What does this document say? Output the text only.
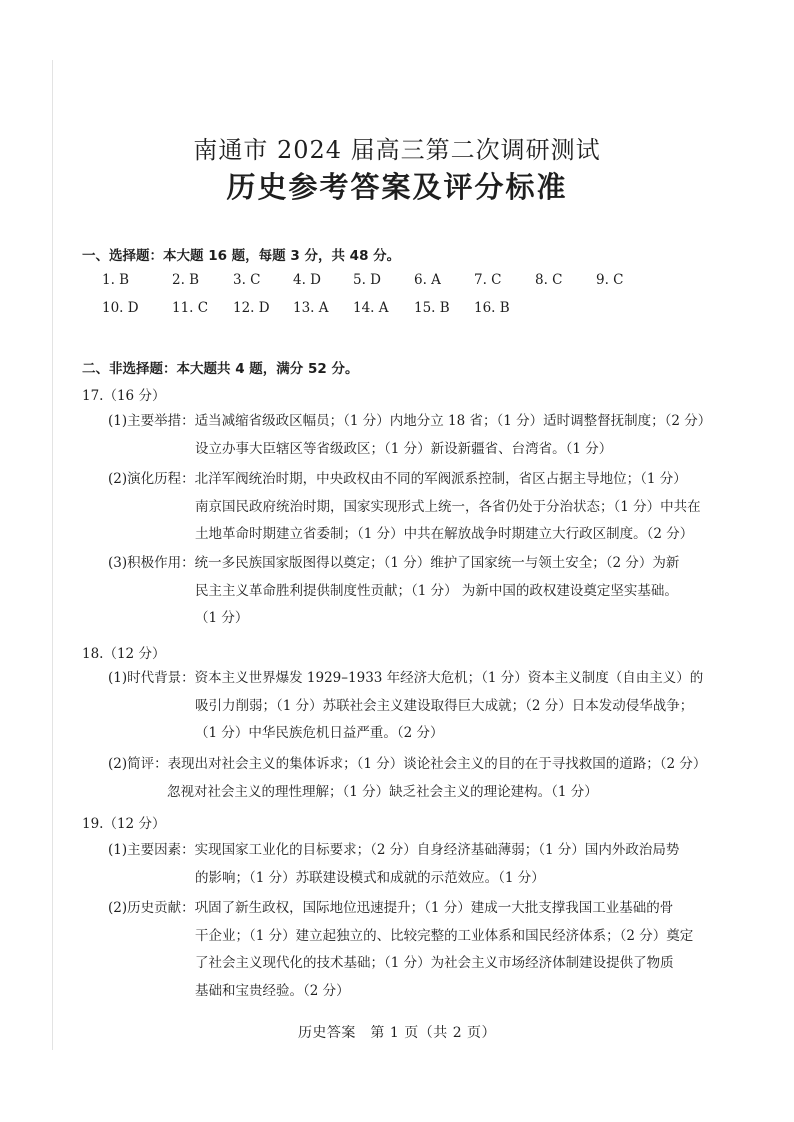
南通市 2024 届高三第二次调研测试
历史参考答案及评分标准
一、选择题：本大题 16 题，每题 3 分，共 48 分。
1. B	2. B	3. C 4. D 5. D 6. A 7. C 8. C 9. C
10. D 11. C 12. D 13. A 14. A 15. B 16. B
二、非选择题：本大题共 4 题，满分 52 分。
17.（16 分）
(1)主要举措：适当减缩省级政区幅员；（1 分）内地分立 18 省；（1 分）适时调整督抚制度；（2 分）
设立办事大臣辖区等省级政区；（1 分）新设新疆省、台湾省。（1 分）
(2)演化历程：北洋军阀统治时期，中央政权由不同的军阀派系控制，省区占据主导地位；（1 分）
南京国民政府统治时期，国家实现形式上统一，各省仍处于分治状态；（1 分）中共在
土地革命时期建立省委制；（1 分）中共在解放战争时期建立大行政区制度。（2 分）
(3)积极作用：统一多民族国家版图得以奠定；（1 分）维护了国家统一与领土安全；（2 分）为新
民主主义革命胜利提供制度性贡献；（1 分） 为新中国的政权建设奠定坚实基础。
（1 分）
18.（12 分）
(1)时代背景：资本主义世界爆发 1929–1933 年经济大危机；（1 分）资本主义制度（自由主义）的
吸引力削弱；（1 分）苏联社会主义建设取得巨大成就；（2 分）日本发动侵华战争；
（1 分）中华民族危机日益严重。（2 分）
(2)简评：表现出对社会主义的集体诉求；（1 分）谈论社会主义的目的在于寻找救国的道路；（2 分）
忽视对社会主义的理性理解；（1 分）缺乏社会主义的理论建构。（1 分）
19.（12 分）
(1)主要因素：实现国家工业化的目标要求；（2 分）自身经济基础薄弱；（1 分）国内外政治局势
的影响；（1 分）苏联建设模式和成就的示范效应。（1 分）
(2)历史贡献：巩固了新生政权，国际地位迅速提升；（1 分）建成一大批支撑我国工业基础的骨
干企业；（1 分）建立起独立的、比较完整的工业体系和国民经济体系；（2 分）奠定
了社会主义现代化的技术基础；（1 分）为社会主义市场经济体制建设提供了物质
基础和宝贵经验。（2 分）
历史答案　第 1 页（共 2 页）
